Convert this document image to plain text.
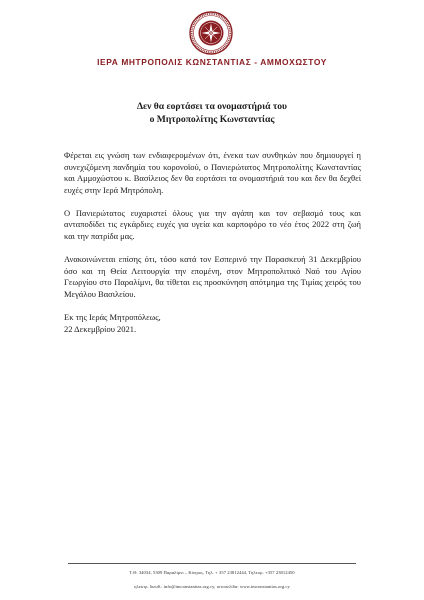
ΙΕΡΑ ΜΗΤΡΟΠΟΛΙΣ ΚΩΝΣΤΑΝΤΙΑΣ - ΑΜΜΟΧΩΣΤΟΥ
Δεν θα εορτάσει τα ονομαστήριά του
ο Μητροπολίτης Κωνσταντίας

Φέρεται εις γνώση των ενδιαφερομένων ότι, ένεκα των συνθηκών που δημιουργεί η συνεχιζόμενη πανδημία του κορονοϊού, ο Πανιερώτατος Μητροπολίτης Κωνσταντίας και Αμμοχώστου κ. Βασίλειος δεν θα εορτάσει τα ονομαστήριά του και δεν θα δεχθεί ευχές στην Ιερά Μητρόπολη.

Ο Πανιερώτατος ευχαριστεί όλους για την αγάπη και τον σεβασμό τους και ανταποδίδει τις εγκάρδιες ευχές για υγεία και καρποφόρο το νέο έτος 2022 στη ζωή και την πατρίδα μας.

Ανακοινώνεται επίσης ότι, τόσο κατά τον Εσπερινό την Παρασκευή 31 Δεκεμβρίου όσο και τη Θεία Λειτουργία την επομένη, στον Μητροπολιτικό Ναό του Αγίου Γεωργίου στο Παραλίμνι, θα τίθεται εις προσκύνηση απότμημα της Τιμίας χειρός του Μεγάλου Βασιλείου.

Εκ της Ιεράς Μητροπόλεως,

22 Δεκεμβρίου 2021.

Τ.Θ. 34034, 5309 Παραλίμνι – Κύπρος, Τηλ. + 357 23812444, Τηλεομ. +357 23812450
ηλεκτρ. διευθ.: info@imconstantias.org.cy, ιστοσελίδα: www.imconstantias.org.cy
